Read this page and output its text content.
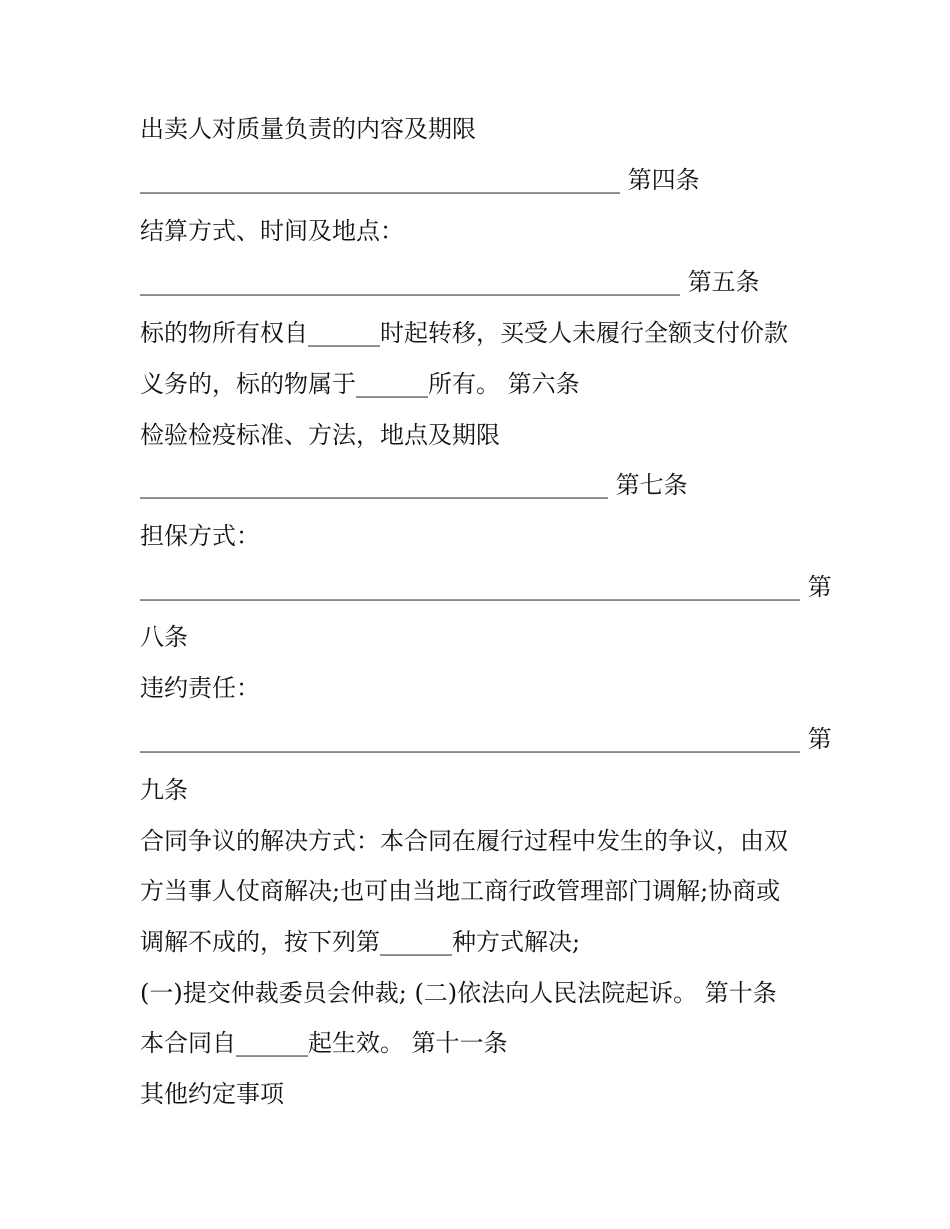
出卖人对质量负责的内容及期限
________________________________________ 第四条
结算方式、时间及地点：
_____________________________________________ 第五条
标的物所有权自______时起转移，买受人未履行全额支付价款
义务的，标的物属于______所有。 第六条
检验检疫标准、方法，地点及期限
_______________________________________ 第七条
担保方式：
_______________________________________________________ 第
八条
违约责任：
_______________________________________________________ 第
九条
合同争议的解决方式：本合同在履行过程中发生的争议，由双
方当事人仗商解决;也可由当地工商行政管理部门调解;协商或
调解不成的，按下列第______种方式解决;
(一)提交仲裁委员会仲裁; (二)依法向人民法院起诉。 第十条
本合同自______起生效。 第十一条
其他约定事项
